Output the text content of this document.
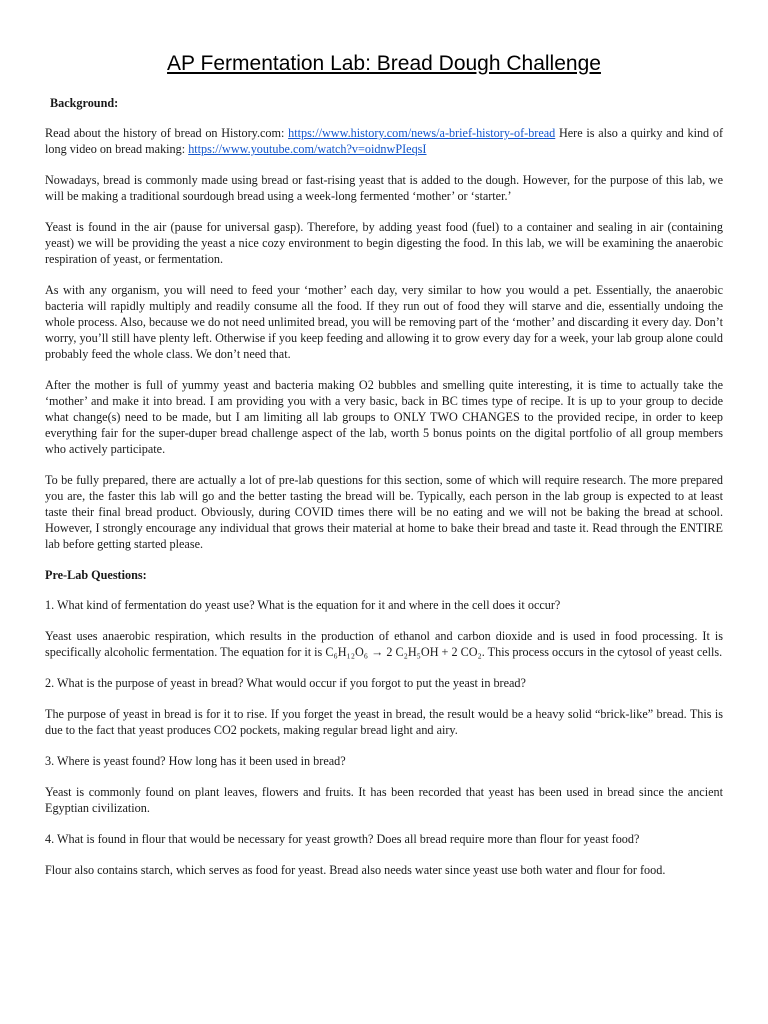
AP Fermentation Lab: Bread Dough Challenge

Background:

Read about the history of bread on History.com: https://www.history.com/news/a-brief-history-of-bread Here is also a quirky and kind of long video on bread making: https://www.youtube.com/watch?v=oidnwPIeqsI

Nowadays, bread is commonly made using bread or fast-rising yeast that is added to the dough. However, for the purpose of this lab, we will be making a traditional sourdough bread using a week-long fermented ‘mother’ or ‘starter.’

Yeast is found in the air (pause for universal gasp). Therefore, by adding yeast food (fuel) to a container and sealing in air (containing yeast) we will be providing the yeast a nice cozy environment to begin digesting the food. In this lab, we will be examining the anaerobic respiration of yeast, or fermentation.

As with any organism, you will need to feed your ‘mother’ each day, very similar to how you would a pet. Essentially, the anaerobic bacteria will rapidly multiply and readily consume all the food. If they run out of food they will starve and die, essentially undoing the whole process. Also, because we do not need unlimited bread, you will be removing part of the ‘mother’ and discarding it every day. Don’t worry, you’ll still have plenty left. Otherwise if you keep feeding and allowing it to grow every day for a week, your lab group alone could probably feed the whole class. We don’t need that.

After the mother is full of yummy yeast and bacteria making O2 bubbles and smelling quite interesting, it is time to actually take the ‘mother’ and make it into bread. I am providing you with a very basic, back in BC times type of recipe. It is up to your group to decide what change(s) need to be made, but I am limiting all lab groups to ONLY TWO CHANGES to the provided recipe, in order to keep everything fair for the super-duper bread challenge aspect of the lab, worth 5 bonus points on the digital portfolio of all group members who actively participate.

To be fully prepared, there are actually a lot of pre-lab questions for this section, some of which will require research. The more prepared you are, the faster this lab will go and the better tasting the bread will be. Typically, each person in the lab group is expected to at least taste their final bread product. Obviously, during COVID times there will be no eating and we will not be baking the bread at school. However, I strongly encourage any individual that grows their material at home to bake their bread and taste it. Read through the ENTIRE lab before getting started please.

Pre-Lab Questions:

1. What kind of fermentation do yeast use? What is the equation for it and where in the cell does it occur?

Yeast uses anaerobic respiration, which results in the production of ethanol and carbon dioxide and is used in food processing. It is specifically alcoholic fermentation. The equation for it is C₆H₁₂O₆ → 2 C₂H₅OH + 2 CO₂. This process occurs in the cytosol of yeast cells.

2. What is the purpose of yeast in bread? What would occur if you forgot to put the yeast in bread?

The purpose of yeast in bread is for it to rise. If you forget the yeast in bread, the result would be a heavy solid “brick-like” bread. This is due to the fact that yeast produces CO2 pockets, making regular bread light and airy.

3. Where is yeast found? How long has it been used in bread?

Yeast is commonly found on plant leaves, flowers and fruits. It has been recorded that yeast has been used in bread since the ancient Egyptian civilization.

4. What is found in flour that would be necessary for yeast growth? Does all bread require more than flour for yeast food?

Flour also contains starch, which serves as food for yeast. Bread also needs water since yeast use both water and flour for food.
